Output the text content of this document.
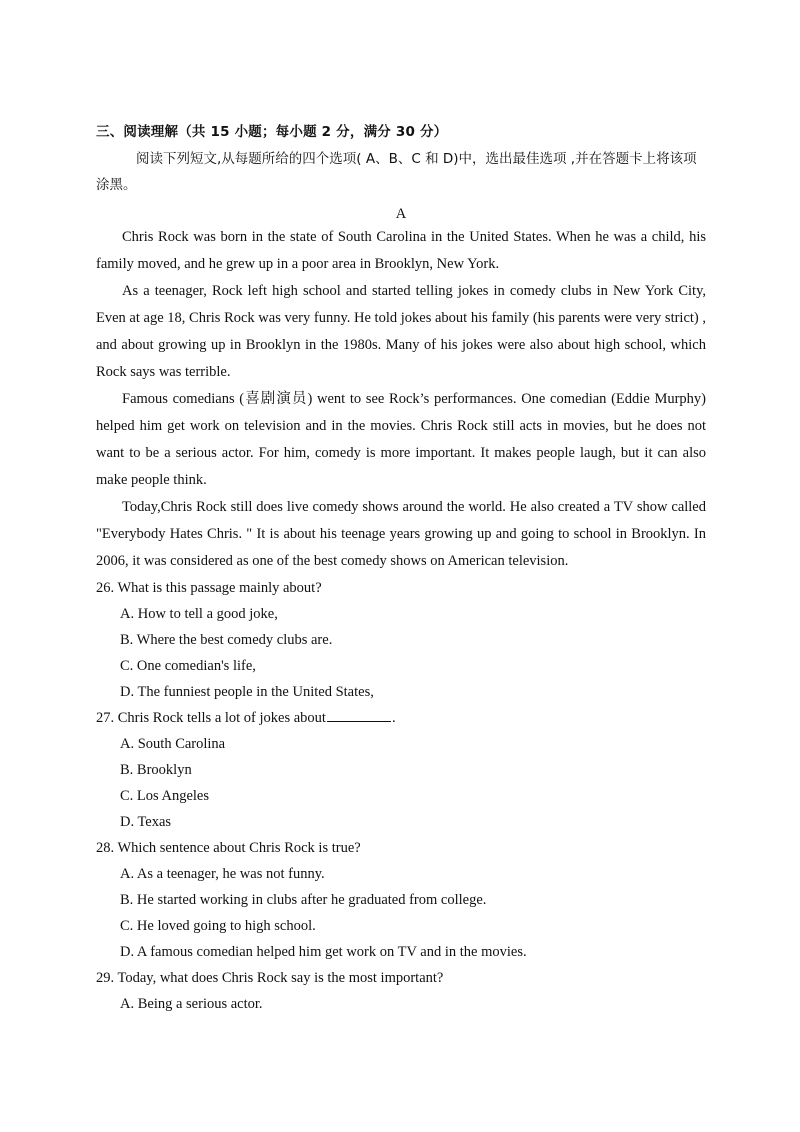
三、阅读理解（共 15 小题；每小题 2 分，满分 30 分）

阅读下列短文,从每题所给的四个选项( A、B、C 和 D)中，选出最佳选项 ,并在答题卡上将该项涂黑。

A

Chris Rock was born in the state of South Carolina in the United States. When he was a child, his family moved, and he grew up in a poor area in Brooklyn, New York.

As a teenager, Rock left high school and started telling jokes in comedy clubs in New York City, Even at age 18, Chris Rock was very funny. He told jokes about his family (his parents were very strict) , and about growing up in Brooklyn in the 1980s. Many of his jokes were also about high school, which Rock says was terrible.

Famous comedians (喜剧演员) went to see Rock’s performances. One comedian (Eddie Murphy) helped him get work on television and in the movies. Chris Rock still acts in movies, but he does not want to be a serious actor. For him, comedy is more important. It makes people laugh, but it can also make people think.

Today,Chris Rock still does live comedy shows around the world. He also created a TV show called "Everybody Hates Chris. " It is about his teenage years growing up and going to school in Brooklyn. In 2006, it was considered as one of the best comedy shows on American television.

26. What is this passage mainly about?

A. How to tell a good joke,
B. Where the best comedy clubs are.
C. One comedian's life,
D. The funniest people in the United States,

27. Chris Rock tells a lot of jokes about	.

A. South Carolina
B. Brooklyn
C. Los Angeles
D. Texas

28. Which sentence about Chris Rock is true?

A. As a teenager, he was not funny.
B. He started working in clubs after he graduated from college.
C. He loved going to high school.
D. A famous comedian helped him get work on TV and in the movies.

29. Today, what does Chris Rock say is the most important?

A. Being a serious actor.
